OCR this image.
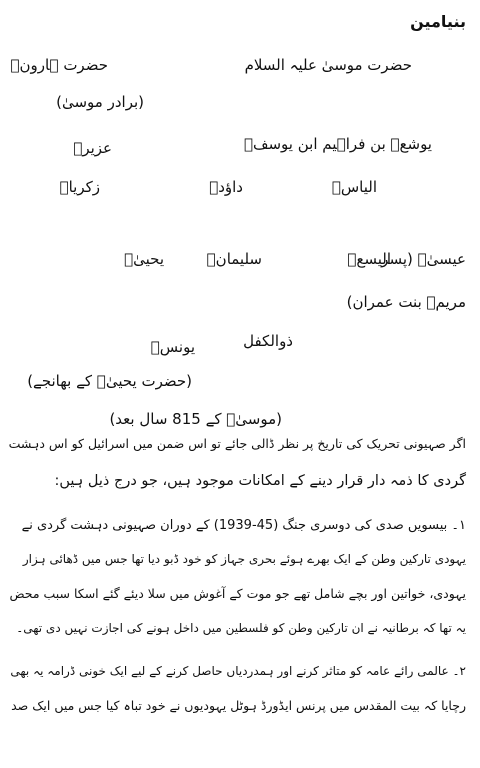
بنیامین
حضرت موسیٰ علیہ السلام
حضرت ہارونؑ
(برادر موسیٰ)
یوشعؑ بن فراہیم ابن یوسفؑ
عزیرؑ
الیاسؑ
داؤدؑ
زکریاؑ
الیسعؑ
سلیمانؑ
یحییٰؑ	عیسیٰؑ (پسر
مریمؑ بنت عمران)
ذوالکفل
یونسؑ
(حضرت یحییٰؑ کے بھانجے)
(موسیٰؑ کے 815 سال بعد)
اگر صہیونی تحریک کی تاریخ پر نظر ڈالی جائے تو اس ضمن میں اسرائیل کو اس دہشت
گردی کا ذمہ دار قرار دینے کے امکانات موجود ہیں، جو درج ذیل ہیں:
۱۔ بیسویں صدی کی دوسری جنگ (45-1939) کے دوران صہیونی دہشت گردی نے
یہودی تارکین وطن کے ایک بھرے ہوئے بحری جہاز کو خود ڈبو دیا تھا جس میں ڈھائی ہزار
یہودی، خواتین اور بچے شامل تھے جو موت کے آغوش میں سلا دیئے گئے اسکا سبب محض
یہ تھا کہ برطانیہ نے ان تارکین وطن کو فلسطین میں داخل ہونے کی اجازت نہیں دی تھی۔
۲۔ عالمی رائے عامہ کو متاثر کرنے اور ہمدردیاں حاصل کرنے کے لیے ایک خونی ڈرامہ یہ بھی
رچایا کہ بیت المقدس میں پرنس ایڈورڈ ہوٹل یہودیوں نے خود تباہ کیا جس میں ایک صد
